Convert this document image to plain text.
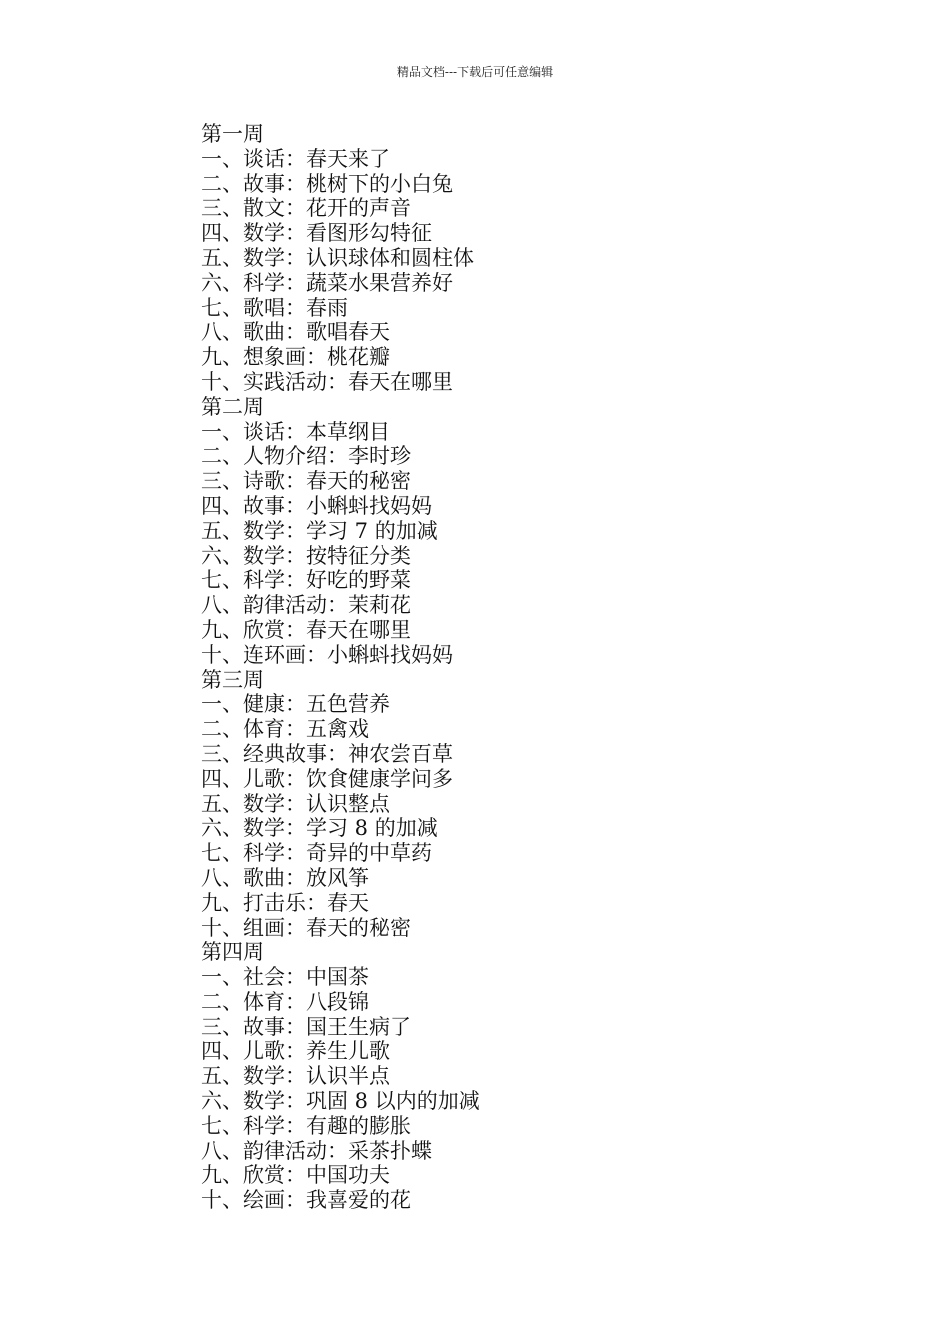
精品文档---下载后可任意编辑
第一周
一、谈话：春天来了
二、故事：桃树下的小白兔
三、散文：花开的声音
四、数学：看图形勾特征
五、数学：认识球体和圆柱体
六、科学：蔬菜水果营养好
七、歌唱：春雨
八、歌曲：歌唱春天
九、想象画：桃花瓣
十、实践活动：春天在哪里
第二周
一、谈话：本草纲目
二、人物介绍：李时珍
三、诗歌：春天的秘密
四、故事：小蝌蚪找妈妈
五、数学：学习 7 的加减
六、数学：按特征分类
七、科学：好吃的野菜
八、韵律活动：茉莉花
九、欣赏：春天在哪里
十、连环画：小蝌蚪找妈妈
第三周
一、健康：五色营养
二、体育：五禽戏
三、经典故事：神农尝百草
四、儿歌：饮食健康学问多
五、数学：认识整点
六、数学：学习 8 的加减
七、科学：奇异的中草药
八、歌曲：放风筝
九、打击乐：春天
十、组画：春天的秘密
第四周
一、社会：中国茶
二、体育：八段锦
三、故事：国王生病了
四、儿歌：养生儿歌
五、数学：认识半点
六、数学：巩固 8 以内的加减
七、科学：有趣的膨胀
八、韵律活动：采茶扑蝶
九、欣赏：中国功夫
十、绘画：我喜爱的花
